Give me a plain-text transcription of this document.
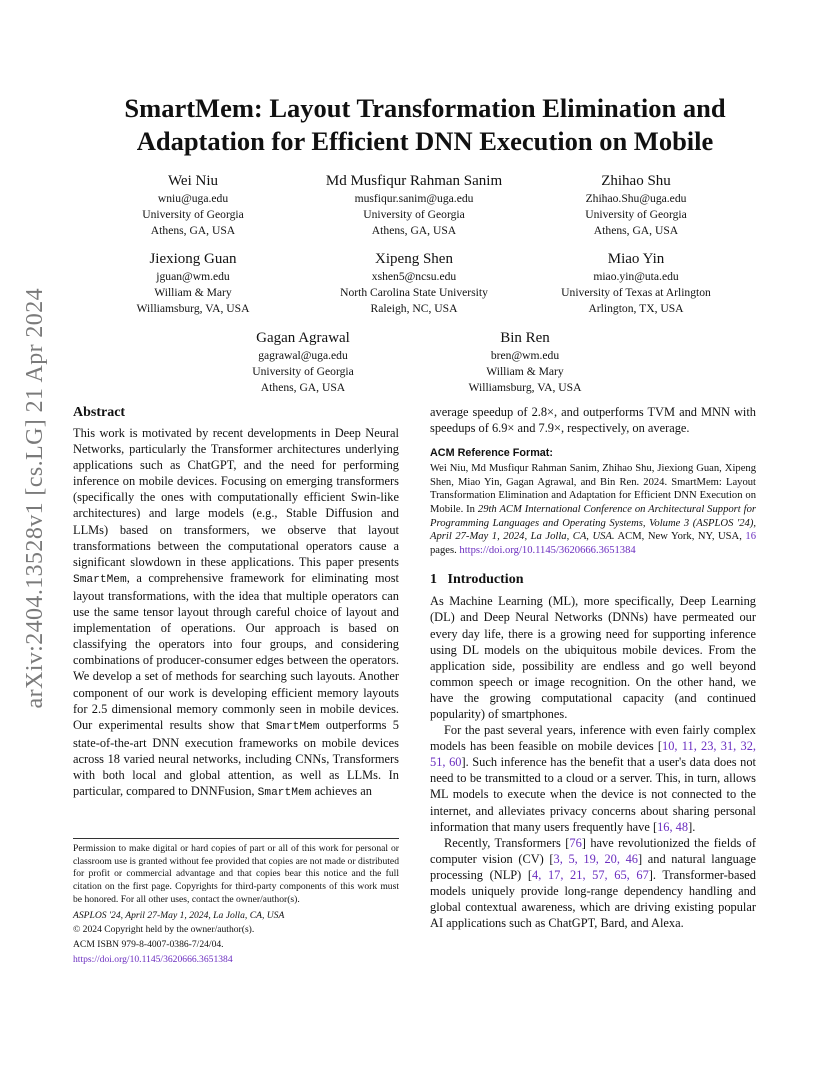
arXiv:2404.13528v1 [cs.LG] 21 Apr 2024
SmartMem: Layout Transformation Elimination and
Adaptation for Efficient DNN Execution on Mobile
Wei Niu
wniu@uga.edu
University of Georgia
Athens, GA, USA
Md Musfiqur Rahman Sanim
musfiqur.sanim@uga.edu
University of Georgia
Athens, GA, USA
Zhihao Shu
Zhihao.Shu@uga.edu
University of Georgia
Athens, GA, USA
Jiexiong Guan
jguan@wm.edu
William & Mary
Williamsburg, VA, USA
Xipeng Shen
xshen5@ncsu.edu
North Carolina State University
Raleigh, NC, USA
Miao Yin
miao.yin@uta.edu
University of Texas at Arlington
Arlington, TX, USA
Gagan Agrawal
gagrawal@uga.edu
University of Georgia
Athens, GA, USA
Bin Ren
bren@wm.edu
William & Mary
Williamsburg, VA, USA
Abstract

This work is motivated by recent developments in Deep Neural Networks, particularly the Transformer architectures underlying applications such as ChatGPT, and the need for performing inference on mobile devices. Focusing on emerging transformers (specifically the ones with computationally efficient Swin-like architectures) and large models (e.g., Stable Diffusion and LLMs) based on transformers, we observe that layout transformations between the computational operators cause a significant slowdown in these applications. This paper presents SmartMem, a comprehensive framework for eliminating most layout transformations, with the idea that multiple operators can use the same tensor layout through careful choice of layout and implementation of operations. Our approach is based on classifying the operators into four groups, and considering combinations of producer-consumer edges between the operators. We develop a set of methods for searching such layouts. Another component of our work is developing efficient memory layouts for 2.5 dimensional memory commonly seen in mobile devices. Our experimental results show that SmartMem outperforms 5 state-of-the-art DNN execution frameworks on mobile devices across 18 varied neural networks, including CNNs, Transformers with both local and global attention, as well as LLMs. In particular, compared to DNNFusion, SmartMem achieves an

Permission to make digital or hard copies of part or all of this work for personal or classroom use is granted without fee provided that copies are not made or distributed for profit or commercial advantage and that copies bear this notice and the full citation on the first page. Copyrights for third-party components of this work must be honored. For all other uses, contact the owner/author(s).

ASPLOS '24, April 27-May 1, 2024, La Jolla, CA, USA

© 2024 Copyright held by the owner/author(s).

ACM ISBN 979-8-4007-0386-7/24/04.

https://doi.org/10.1145/3620666.3651384

average speedup of 2.8×, and outperforms TVM and MNN with speedups of 6.9× and 7.9×, respectively, on average.

ACM Reference Format:

Wei Niu, Md Musfiqur Rahman Sanim, Zhihao Shu, Jiexiong Guan, Xipeng Shen, Miao Yin, Gagan Agrawal, and Bin Ren. 2024. SmartMem: Layout Transformation Elimination and Adaptation for Efficient DNN Execution on Mobile. In 29th ACM International Conference on Architectural Support for Programming Languages and Operating Systems, Volume 3 (ASPLOS '24), April 27-May 1, 2024, La Jolla, CA, USA. ACM, New York, NY, USA, 16 pages. https://doi.org/10.1145/3620666.3651384

1   Introduction

As Machine Learning (ML), more specifically, Deep Learning (DL) and Deep Neural Networks (DNNs) have permeated our every day life, there is a growing need for supporting inference using DL models on the ubiquitous mobile devices. From the application side, possibility are endless and go well beyond common speech or image recognition. On the other hand, we have the growing computational capacity (and continued popularity) of smartphones.

For the past several years, inference with even fairly complex models has been feasible on mobile devices [10, 11, 23, 31, 32, 51, 60]. Such inference has the benefit that a user's data does not need to be transmitted to a cloud or a server. This, in turn, allows ML models to execute when the device is not connected to the internet, and alleviates privacy concerns about sharing personal information that many users frequently have [16, 48].

Recently, Transformers [76] have revolutionized the fields of computer vision (CV) [3, 5, 19, 20, 46] and natural language processing (NLP) [4, 17, 21, 57, 65, 67]. Transformer-based models uniquely provide long-range dependency handling and global contextual awareness, which are driving existing popular AI applications such as ChatGPT, Bard, and Alexa.
